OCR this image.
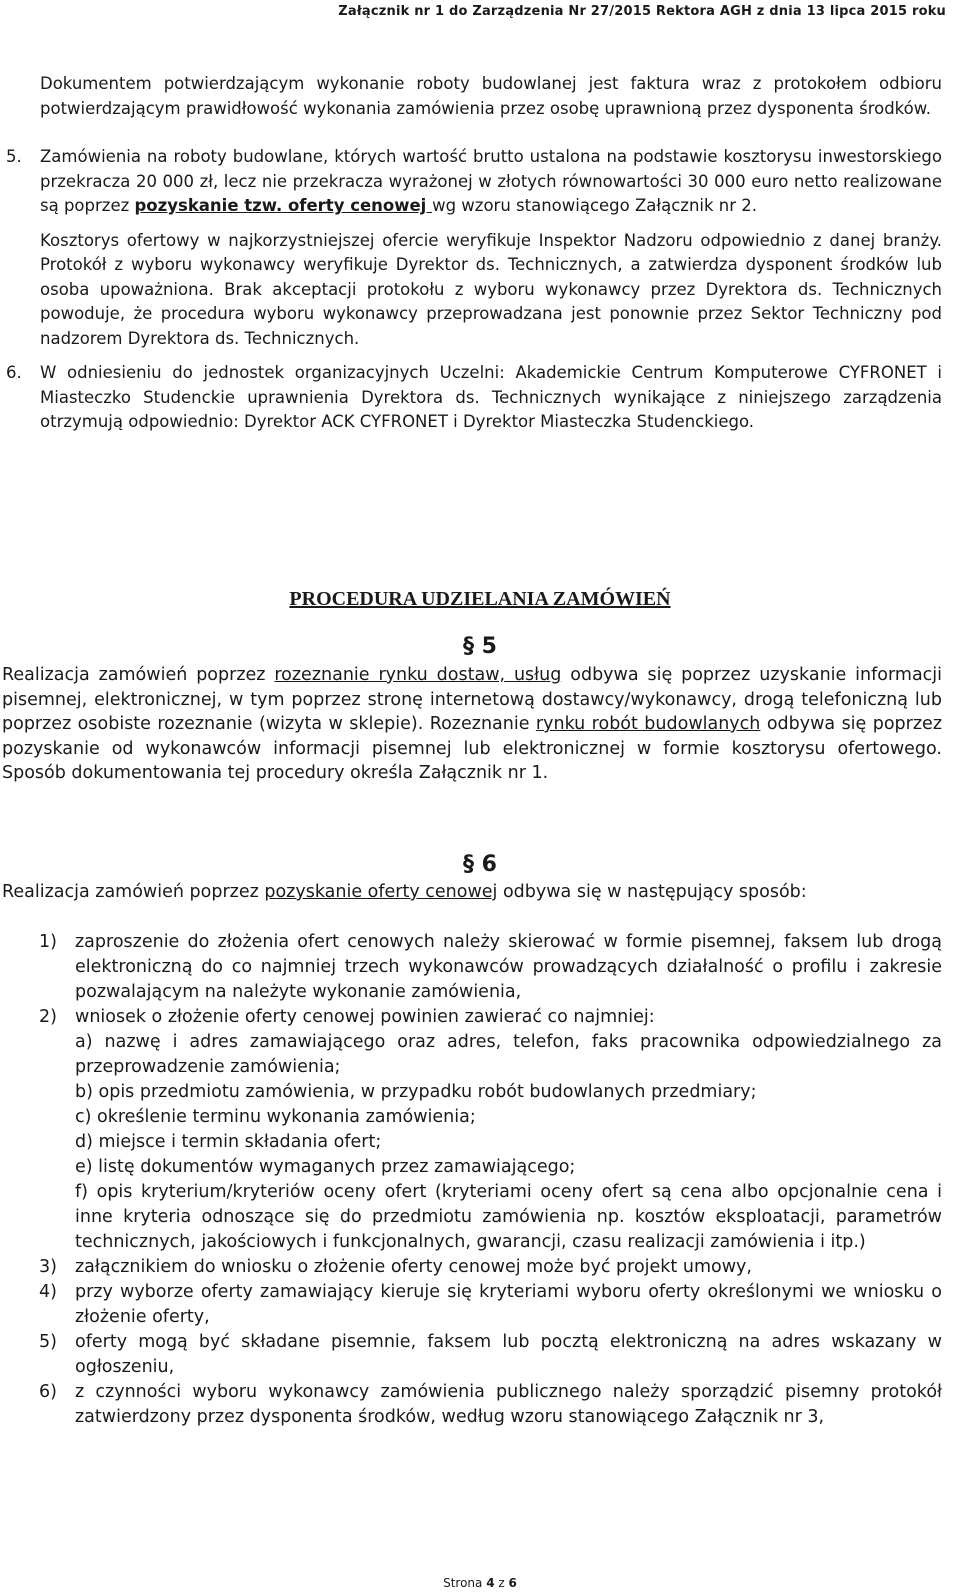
Załącznik nr 1 do Zarządzenia Nr 27/2015 Rektora AGH z dnia 13 lipca 2015 roku

Dokumentem potwierdzającym wykonanie roboty budowlanej jest faktura wraz z protokołem odbioru potwierdzającym prawidłowość wykonania zamówienia przez osobę uprawnioną przez dysponenta środków.

5. Zamówienia na roboty budowlane, których wartość brutto ustalona na podstawie kosztorysu inwestorskiego przekracza 20 000 zł, lecz nie przekracza wyrażonej w złotych równowartości 30 000 euro netto realizowane są poprzez pozyskanie tzw. oferty cenowej wg wzoru stanowiącego Załącznik nr 2.

Kosztorys ofertowy w najkorzystniejszej ofercie weryfikuje Inspektor Nadzoru odpowiednio z danej branży. Protokół z wyboru wykonawcy weryfikuje Dyrektor ds. Technicznych, a zatwierdza dysponent środków lub osoba upoważniona. Brak akceptacji protokołu z wyboru wykonawcy przez Dyrektora ds. Technicznych powoduje, że procedura wyboru wykonawcy przeprowadzana jest ponownie przez Sektor Techniczny pod nadzorem Dyrektora ds. Technicznych.

6. W odniesieniu do jednostek organizacyjnych Uczelni: Akademickie Centrum Komputerowe CYFRONET i Miasteczko Studenckie uprawnienia Dyrektora ds. Technicznych wynikające z niniejszego zarządzenia otrzymują odpowiednio: Dyrektor ACK CYFRONET i Dyrektor Miasteczka Studenckiego.

PROCEDURA UDZIELANIA ZAMÓWIEŃ
§ 5

Realizacja zamówień poprzez rozeznanie rynku dostaw, usług odbywa się poprzez uzyskanie informacji pisemnej, elektronicznej, w tym poprzez stronę internetową dostawcy/wykonawcy, drogą telefoniczną lub poprzez osobiste rozeznanie (wizyta w sklepie). Rozeznanie rynku robót budowlanych odbywa się poprzez pozyskanie od wykonawców informacji pisemnej lub elektronicznej w formie kosztorysu ofertowego. Sposób dokumentowania tej procedury określa Załącznik nr 1.

§ 6

Realizacja zamówień poprzez pozyskanie oferty cenowej odbywa się w następujący sposób:

1) zaproszenie do złożenia ofert cenowych należy skierować w formie pisemnej, faksem lub drogą elektroniczną do co najmniej trzech wykonawców prowadzących działalność o profilu i zakresie pozwalającym na należyte wykonanie zamówienia,
2) wniosek o złożenie oferty cenowej powinien zawierać co najmniej:
a) nazwę i adres zamawiającego oraz adres, telefon, faks pracownika odpowiedzialnego za przeprowadzenie zamówienia;
b) opis przedmiotu zamówienia, w przypadku robót budowlanych przedmiary;
c) określenie terminu wykonania zamówienia;
d) miejsce i termin składania ofert;
e) listę dokumentów wymaganych przez zamawiającego;
f) opis kryterium/kryteriów oceny ofert (kryteriami oceny ofert są cena albo opcjonalnie cena i inne kryteria odnoszące się do przedmiotu zamówienia np. kosztów eksploatacji, parametrów technicznych, jakościowych i funkcjonalnych, gwarancji, czasu realizacji zamówienia i itp.)
3) załącznikiem do wniosku o złożenie oferty cenowej może być projekt umowy,
4) przy wyborze oferty zamawiający kieruje się kryteriami wyboru oferty określonymi we wniosku o złożenie oferty,
5) oferty mogą być składane pisemnie, faksem lub pocztą elektroniczną na adres wskazany w ogłoszeniu,
6) z czynności wyboru wykonawcy zamówienia publicznego należy sporządzić pisemny protokół zatwierdzony przez dysponenta środków, według wzoru stanowiącego Załącznik nr 3,
Strona 4 z 6
